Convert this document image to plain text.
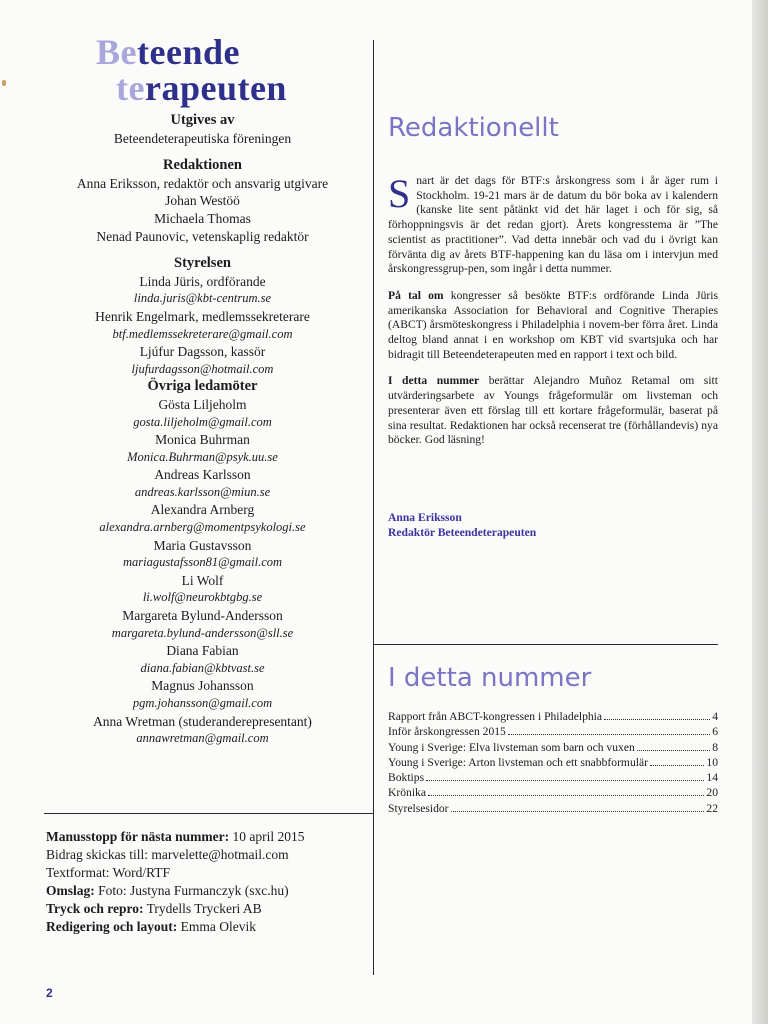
Beteende
terapeuten
Utgives av
Beteendeterapeutiska föreningen
Redaktionen
Anna Eriksson, redaktör och ansvarig utgivare
Johan Westöö
Michaela Thomas
Nenad Paunovic, vetenskaplig redaktör
Styrelsen
Linda Jüris, ordförande
linda.juris@kbt-centrum.se
Henrik Engelmark, medlemssekreterare
btf.medlemssekreterare@gmail.com
Ljúfur Dagsson, kassör
ljufurdagsson@hotmail.com
Övriga ledamöter
Gösta Liljeholm
gosta.liljeholm@gmail.com
Monica Buhrman
Monica.Buhrman@psyk.uu.se
Andreas Karlsson
andreas.karlsson@miun.se
Alexandra Arnberg
alexandra.arnberg@momentpsykologi.se
Maria Gustavsson
mariagustafsson81@gmail.com
Li Wolf
li.wolf@neurokbtgbg.se
Margareta Bylund-Andersson
margareta.bylund-andersson@sll.se
Diana Fabian
diana.fabian@kbtvast.se
Magnus Johansson
pgm.johansson@gmail.com
Anna Wretman (studeranderepresentant)
annawretman@gmail.com
Manusstopp för nästa nummer: 10 april 2015
Bidrag skickas till: marvelette@hotmail.com
Textformat: Word/RTF
Omslag: Foto: Justyna Furmanczyk (sxc.hu)
Tryck och repro: Trydells Tryckeri AB
Redigering och layout: Emma Olevik
Redaktionellt

Snart är det dags för BTF:s årskongress som i år äger rum i Stockholm. 19-21 mars är de datum du bör boka av i kalendern (kanske lite sent påtänkt vid det här laget i och för sig, så förhoppningsvis är det redan gjort). Årets kongresstema är ”The scientist as practitioner”. Vad detta innebär och vad du i övrigt kan förvänta dig av årets BTF-happening kan du läsa om i intervjun med årskongressgrup-pen, som ingår i detta nummer.

På tal om kongresser så besökte BTF:s ordförande Linda Jüris amerikanska Association for Behavioral and Cognitive Therapies (ABCT) årsmöteskongress i Philadelphia i novem-ber förra året. Linda deltog bland annat i en workshop om KBT vid svartsjuka och har bidragit till Beteendeterapeuten med en rapport i text och bild.

I detta nummer berättar Alejandro Muñoz Retamal om sitt utvärderingsarbete av Youngs frågeformulär om livsteman och presenterar även ett förslag till ett kortare frågeformulär, baserat på sina resultat. Redaktionen har också recenserat tre (förhållandevis) nya böcker. God läsning!

Anna Eriksson
Redaktör Beteendeterapeuten
I detta nummer
Rapport från ABCT-kongressen i Philadelphia	4
Inför årskongressen 2015	6
Young i Sverige: Elva livsteman som barn och vuxen	8
Young i Sverige: Arton livsteman och ett snabbformulär	10
Boktips	14
Krönika	20
Styrelsesidor	22
2
